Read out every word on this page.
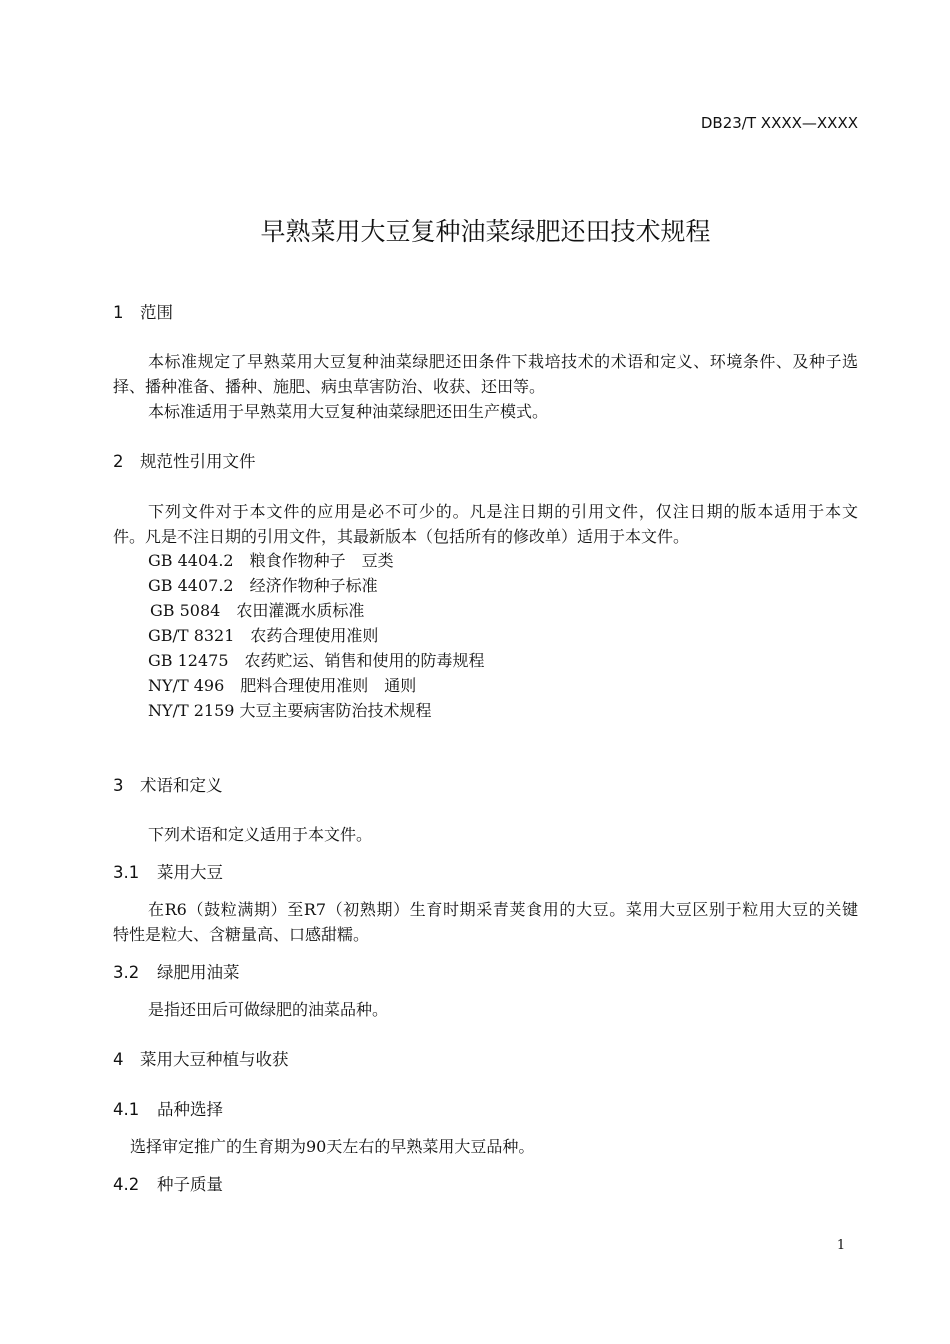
DB23/T XXXX—XXXX
早熟菜用大豆复种油菜绿肥还田技术规程
1 范围
本标准规定了早熟菜用大豆复种油菜绿肥还田条件下栽培技术的术语和定义、环境条件、及种子选
择、播种准备、播种、施肥、病虫草害防治、收获、还田等。
本标准适用于早熟菜用大豆复种油菜绿肥还田生产模式。
2 规范性引用文件
下列文件对于本文件的应用是必不可少的。凡是注日期的引用文件，仅注日期的版本适用于本文
件。凡是不注日期的引用文件，其最新版本（包括所有的修改单）适用于本文件。
GB 4404.2　粮食作物种子　豆类
GB 4407.2　经济作物种子标准
GB 5084　农田灌溉水质标准
GB/T 8321　农药合理使用准则
GB 12475　农药贮运、销售和使用的防毒规程
NY/T 496　肥料合理使用准则　通则
NY/T 2159 大豆主要病害防治技术规程
3 术语和定义
下列术语和定义适用于本文件。
3.1 菜用大豆
在R6（鼓粒满期）至R7（初熟期）生育时期采青荚食用的大豆。菜用大豆区别于粒用大豆的关键
特性是粒大、含糖量高、口感甜糯。
3.2 绿肥用油菜
是指还田后可做绿肥的油菜品种。
4 菜用大豆种植与收获
4.1 品种选择
选择审定推广的生育期为90天左右的早熟菜用大豆品种。
4.2 种子质量
1
